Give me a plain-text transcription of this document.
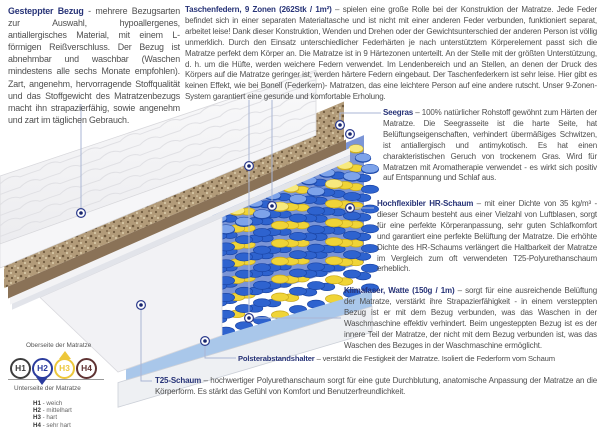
Gesteppter Bezug - mehrere Bezugsarten zur Auswahl, hypoallergenes, antiallergisches Material, mit einem L-förmigen Reißverschluss. Der Bezug ist abnehmbar und waschbar (Waschen mindestens alle sechs Monate empfohlen). Zart, angenehm, hervorragende Stoffqualität und das Stoffgewicht des Matratzenbezugs macht ihn strapazierfähig, sowie angenehm und zart im täglichen Gebrauch.
Taschenfedern, 9 Zonen (262Stk / 1m²) – spielen eine große Rolle bei der Konstruktion der Matratze. Jede Feder befindet sich in einer separaten Materialtasche und ist nicht mit einer anderen Feder verbunden, funktioniert separat, arbeitet leise! Dank dieser Konstruktion, Wenden und Drehen oder der Gewichtsunterschied der anderen Person ist völlig unmerklich. Durch den Einsatz unterschiedlicher Federhärten je nach unterstütztem Körperelement passt sich die Matratze perfekt dem Körper an. Die Matratze ist in 9 Härtezonen unterteilt. An der Stelle mit der größten Unterstützung, d. h. um die Hüfte, werden weichere Federn verwendet. Im Lendenbereich und an Stellen, an denen der Druck des Körpers auf die Matratze geringer ist, werden härtere Federn eingebaut. Der Taschenfederkern ist sehr leise. Hier gibt es keinen Effekt, wie bei Bonell (Federkern)- Matratzen, das eine leichtere Person auf eine andere rutscht. Unser 9-Zonen-System garantiert eine gesunde und komfortable Erholung.
Seegras – 100% natürlicher Rohstoff gewöhnt zum Härten der Matratze. Die Seegrasseite ist die harte Seite, hat Belüftungseigenschaften, verhindert übermäßiges Schwitzen, ist antiallergisch und antimykotisch. Es hat einen charakteristischen Geruch von trockenem Gras. Wird für Matratzen mit Aromatherapie verwendet - es wirkt sich positiv auf Entspannung und Schlaf aus.
Hochflexibler HR-Schaum – mit einer Dichte von 35 kg/m³ - dieser Schaum besteht aus einer Vielzahl von Luftblasen, sorgt für eine perfekte Körperanpassung, sehr guten Schlafkomfort und garantiert eine perfekte Belüftung der Matratze. Die erhöhte Dichte des HR-Schaums verlängert die Haltbarkeit der Matratze im Vergleich zum oft verwendeten T25-Polyurethanschaum erheblich.
Klimafaser, Watte (150g / 1m) – sorgt für eine ausreichende Belüftung der Matratze, verstärkt ihre Strapazierfähigkeit - in einem versteppten Bezug ist er mit dem Bezug verbunden, was das Waschen in der Waschmaschine effektiv verhindert. Beim ungesteppten Bezug ist es der innere Teil der Matratze, der nicht mit dem Bezug verbunden ist, was das Waschen des Bezuges in der Waschmaschine ermöglicht.
Polsterabstandshalter – verstärkt die Festigkeit der Matratze. Isoliert die Federform vom Schaum
T25-Schaum – hochwertiger Polyurethanschaum sorgt für eine gute Durchblutung, anatomische Anpassung der Matratze an die Körperform. Es stärkt das Gefühl von Komfort und Benutzerfreundlichkeit.
Oberseite der Matratze
H1	H2	H3	H4
Unterseite der Matratze
H1 - weich
H2 - mittelhart
H3 - hart
H4 - sehr hart
